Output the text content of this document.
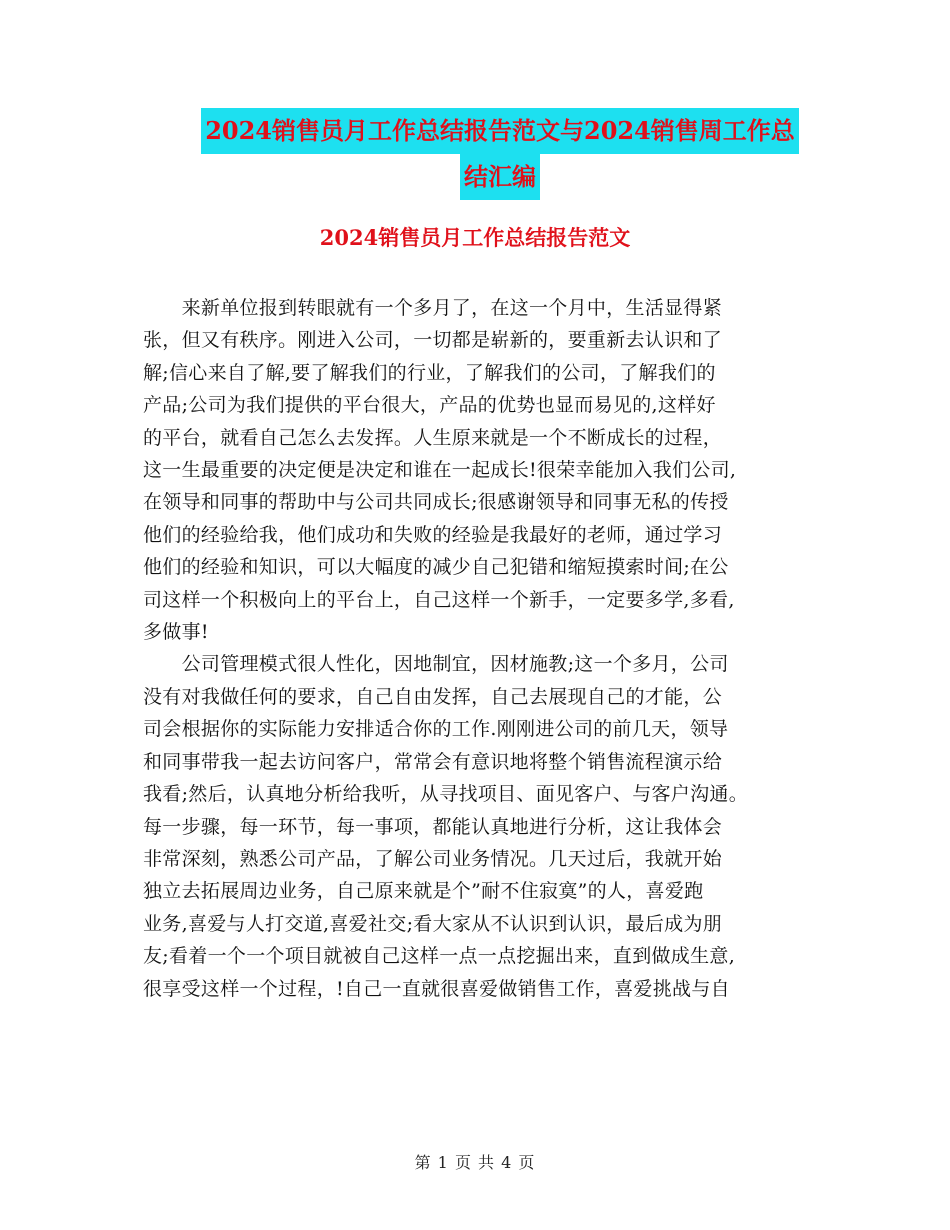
2024销售员月工作总结报告范文与2024销售周工作总
结汇编
2024销售员月工作总结报告范文
　　来新单位报到转眼就有一个多月了，在这一个月中，生活显得紧
张，但又有秩序。刚进入公司，一切都是崭新的，要重新去认识和了
解;信心来自了解,要了解我们的行业，了解我们的公司，了解我们的
产品;公司为我们提供的平台很大，产品的优势也显而易见的,这样好
的平台，就看自己怎么去发挥。人生原来就是一个不断成长的过程，
这一生最重要的决定便是决定和谁在一起成长!很荣幸能加入我们公司,
在领导和同事的帮助中与公司共同成长;很感谢领导和同事无私的传授
他们的经验给我，他们成功和失败的经验是我最好的老师，通过学习
他们的经验和知识，可以大幅度的减少自己犯错和缩短摸索时间;在公
司这样一个积极向上的平台上，自己这样一个新手，一定要多学,多看,
多做事!
　　公司管理模式很人性化，因地制宜，因材施教;这一个多月，公司
没有对我做任何的要求，自己自由发挥，自己去展现自己的才能，公
司会根据你的实际能力安排适合你的工作.刚刚进公司的前几天，领导
和同事带我一起去访问客户，常常会有意识地将整个销售流程演示给
我看;然后，认真地分析给我听，从寻找项目、面见客户、与客户沟通。
每一步骤，每一环节，每一事项，都能认真地进行分析，这让我体会
非常深刻，熟悉公司产品，了解公司业务情况。几天过后，我就开始
独立去拓展周边业务，自己原来就是个”耐不住寂寞”的人，喜爱跑
业务,喜爱与人打交道,喜爱社交;看大家从不认识到认识，最后成为朋
友;看着一个一个项目就被自己这样一点一点挖掘出来，直到做成生意,
很享受这样一个过程，!自己一直就很喜爱做销售工作，喜爱挑战与自
第 1 页 共 4 页
